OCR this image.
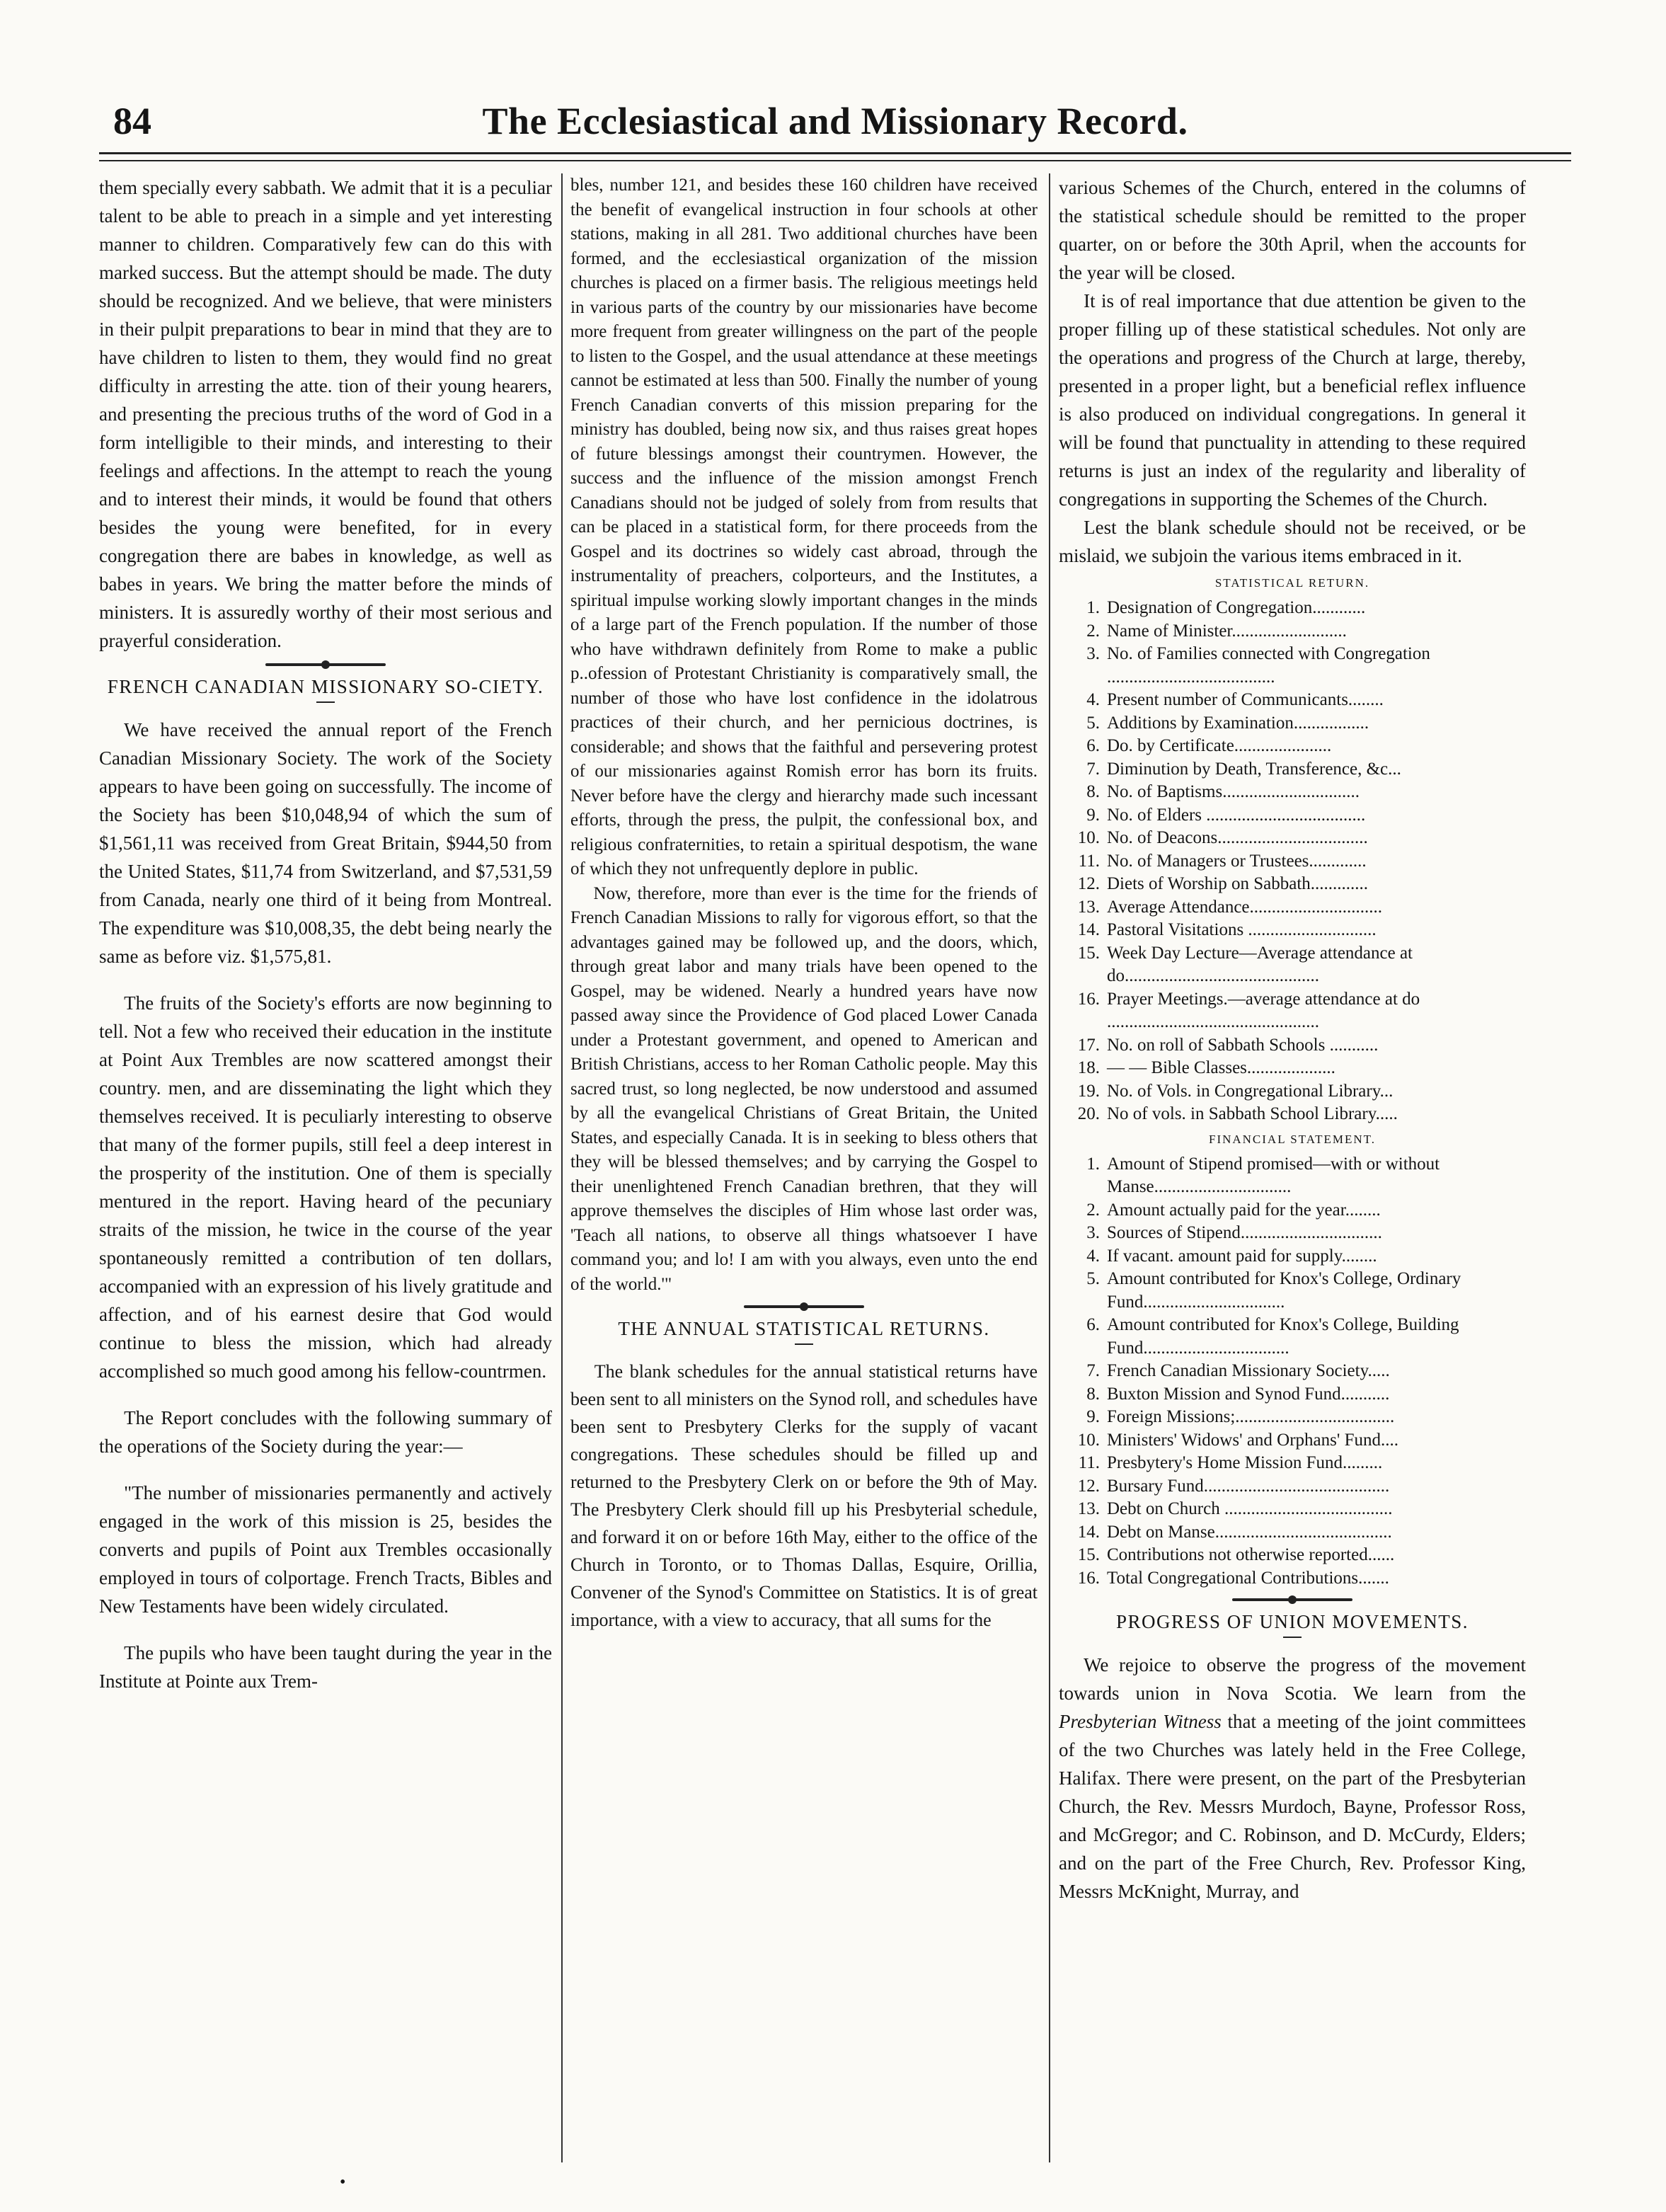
84	The Ecclesiastical and Missionary Record.

them specially every sabbath. We admit that it is a peculiar talent to be able to preach in a simple and yet interesting manner to children. Comparatively few can do this with marked success. But the attempt should be made. The duty should be recognized. And we believe, that were ministers in their pulpit preparations to bear in mind that they are to have children to listen to them, they would find no great difficulty in arresting the atte. tion of their young hearers, and presenting the precious truths of the word of God in a form intelligible to their minds, and interesting to their feelings and affections. In the attempt to reach the young and to interest their minds, it would be found that others besides the young were benefited, for in every congregation there are babes in knowledge, as well as babes in years. We bring the matter before the minds of ministers. It is assuredly worthy of their most serious and prayerful consideration.

FRENCH CANADIAN MISSIONARY SO-CIETY.

We have received the annual report of the French Canadian Missionary Society. The work of the Society appears to have been going on successfully. The income of the Society has been $10,048,94 of which the sum of $1,561,11 was received from Great Britain, $944,50 from the United States, $11,74 from Switzerland, and $7,531,59 from Canada, nearly one third of it being from Montreal. The expenditure was $10,008,35, the debt being nearly the same as before viz. $1,575,81.

The fruits of the Society's efforts are now beginning to tell. Not a few who received their education in the institute at Point Aux Trembles are now scattered amongst their country. men, and are disseminating the light which they themselves received. It is peculiarly interesting to observe that many of the former pupils, still feel a deep interest in the prosperity of the institution. One of them is specially mentured in the report. Having heard of the pecuniary straits of the mission, he twice in the course of the year spontaneously remitted a contribution of ten dollars, accompanied with an expression of his lively gratitude and affection, and of his earnest desire that God would continue to bless the mission, which had already accomplished so much good among his fellow-countrmen.

The Report concludes with the following summary of the operations of the Society during the year:—

"The number of missionaries permanently and actively engaged in the work of this mission is 25, besides the converts and pupils of Point aux Trembles occasionally employed in tours of colportage. French Tracts, Bibles and New Testaments have been widely circulated.

The pupils who have been taught during the year in the Institute at Pointe aux Trem-

bles, number 121, and besides these 160 children have received the benefit of evangelical instruction in four schools at other stations, making in all 281. Two additional churches have been formed, and the ecclesiastical organization of the mission churches is placed on a firmer basis. The religious meetings held in various parts of the country by our missionaries have become more frequent from greater willingness on the part of the people to listen to the Gospel, and the usual attendance at these meetings cannot be estimated at less than 500. Finally the number of young French Canadian converts of this mission preparing for the ministry has doubled, being now six, and thus raises great hopes of future blessings amongst their countrymen. However, the success and the influence of the mission amongst French Canadians should not be judged of solely from from results that can be placed in a statistical form, for there proceeds from the Gospel and its doctrines so widely cast abroad, through the instrumentality of preachers, colporteurs, and the Institutes, a spiritual impulse working slowly important changes in the minds of a large part of the French population. If the number of those who have withdrawn definitely from Rome to make a public p..ofession of Protestant Christianity is comparatively small, the number of those who have lost confidence in the idolatrous practices of their church, and her pernicious doctrines, is considerable; and shows that the faithful and persevering protest of our missionaries against Romish error has born its fruits. Never before have the clergy and hierarchy made such incessant efforts, through the press, the pulpit, the confessional box, and religious confraternities, to retain a spiritual despotism, the wane of which they not unfrequently deplore in public.

Now, therefore, more than ever is the time for the friends of French Canadian Missions to rally for vigorous effort, so that the advantages gained may be followed up, and the doors, which, through great labor and many trials have been opened to the Gospel, may be widened. Nearly a hundred years have now passed away since the Providence of God placed Lower Canada under a Protestant government, and opened to American and British Christians, access to her Roman Catholic people. May this sacred trust, so long neglected, be now understood and assumed by all the evangelical Christians of Great Britain, the United States, and especially Canada. It is in seeking to bless others that they will be blessed themselves; and by carrying the Gospel to their unenlightened French Canadian brethren, that they will approve themselves the disciples of Him whose last order was, 'Teach all nations, to observe all things whatsoever I have command you; and lo! I am with you always, even unto the end of the world.'"

THE ANNUAL STATISTICAL RETURNS.

The blank schedules for the annual statistical returns have been sent to all ministers on the Synod roll, and schedules have been sent to Presbytery Clerks for the supply of vacant congregations. These schedules should be filled up and returned to the Presbytery Clerk on or before the 9th of May. The Presbytery Clerk should fill up his Presbyterial schedule, and forward it on or before 16th May, either to the office of the Church in Toronto, or to Thomas Dallas, Esquire, Orillia, Convener of the Synod's Committee on Statistics. It is of great importance, with a view to accuracy, that all sums for the

various Schemes of the Church, entered in the columns of the statistical schedule should be remitted to the proper quarter, on or before the 30th April, when the accounts for the year will be closed.

It is of real importance that due attention be given to the proper filling up of these statistical schedules. Not only are the operations and progress of the Church at large, thereby, presented in a proper light, but a beneficial reflex influence is also produced on individual congregations. In general it will be found that punctuality in attending to these required returns is just an index of the regularity and liberality of congregations in supporting the Schemes of the Church.

Lest the blank schedule should not be received, or be mislaid, we subjoin the various items embraced in it.

STATISTICAL RETURN.
1. Designation of Congregation............
2. Name of Minister..........................
3. No. of Families connected with Congregation ......................................
4. Present number of Communicants........
5. Additions by Examination.................
6. Do. by Certificate......................
7. Diminution by Death, Transference, &c...
8. No. of Baptisms...............................
9. No. of Elders ....................................
10. No. of Deacons..................................
11. No. of Managers or Trustees.............
12. Diets of Worship on Sabbath.............
13. Average Attendance..............................
14. Pastoral Visitations .............................
15. Week Day Lecture—Average attendance at do............................................
16. Prayer Meetings.—average attendance at do ................................................
17. No. on roll of Sabbath Schools ...........
18. — — Bible Classes....................
19. No. of Vols. in Congregational Library...
20. No of vols. in Sabbath School Library.....
FINANCIAL STATEMENT.
1. Amount of Stipend promised—with or without Manse...............................
2. Amount actually paid for the year........
3. Sources of Stipend................................
4. If vacant. amount paid for supply........
5. Amount contributed for Knox's College, Ordinary Fund................................
6. Amount contributed for Knox's College, Building Fund.................................
7. French Canadian Missionary Society.....
8. Buxton Mission and Synod Fund...........
9. Foreign Missions;....................................
10. Ministers' Widows' and Orphans' Fund....
11. Presbytery's Home Mission Fund.........
12. Bursary Fund..........................................
13. Debt on Church ......................................
14. Debt on Manse........................................
15. Contributions not otherwise reported......
16. Total Congregational Contributions.......
PROGRESS OF UNION MOVEMENTS.

We rejoice to observe the progress of the movement towards union in Nova Scotia. We learn from the Presbyterian Witness that a meeting of the joint committees of the two Churches was lately held in the Free College, Halifax. There were present, on the part of the Presbyterian Church, the Rev. Messrs Murdoch, Bayne, Professor Ross, and McGregor; and C. Robinson, and D. McCurdy, Elders; and on the part of the Free Church, Rev. Professor King, Messrs McKnight, Murray, and

•
